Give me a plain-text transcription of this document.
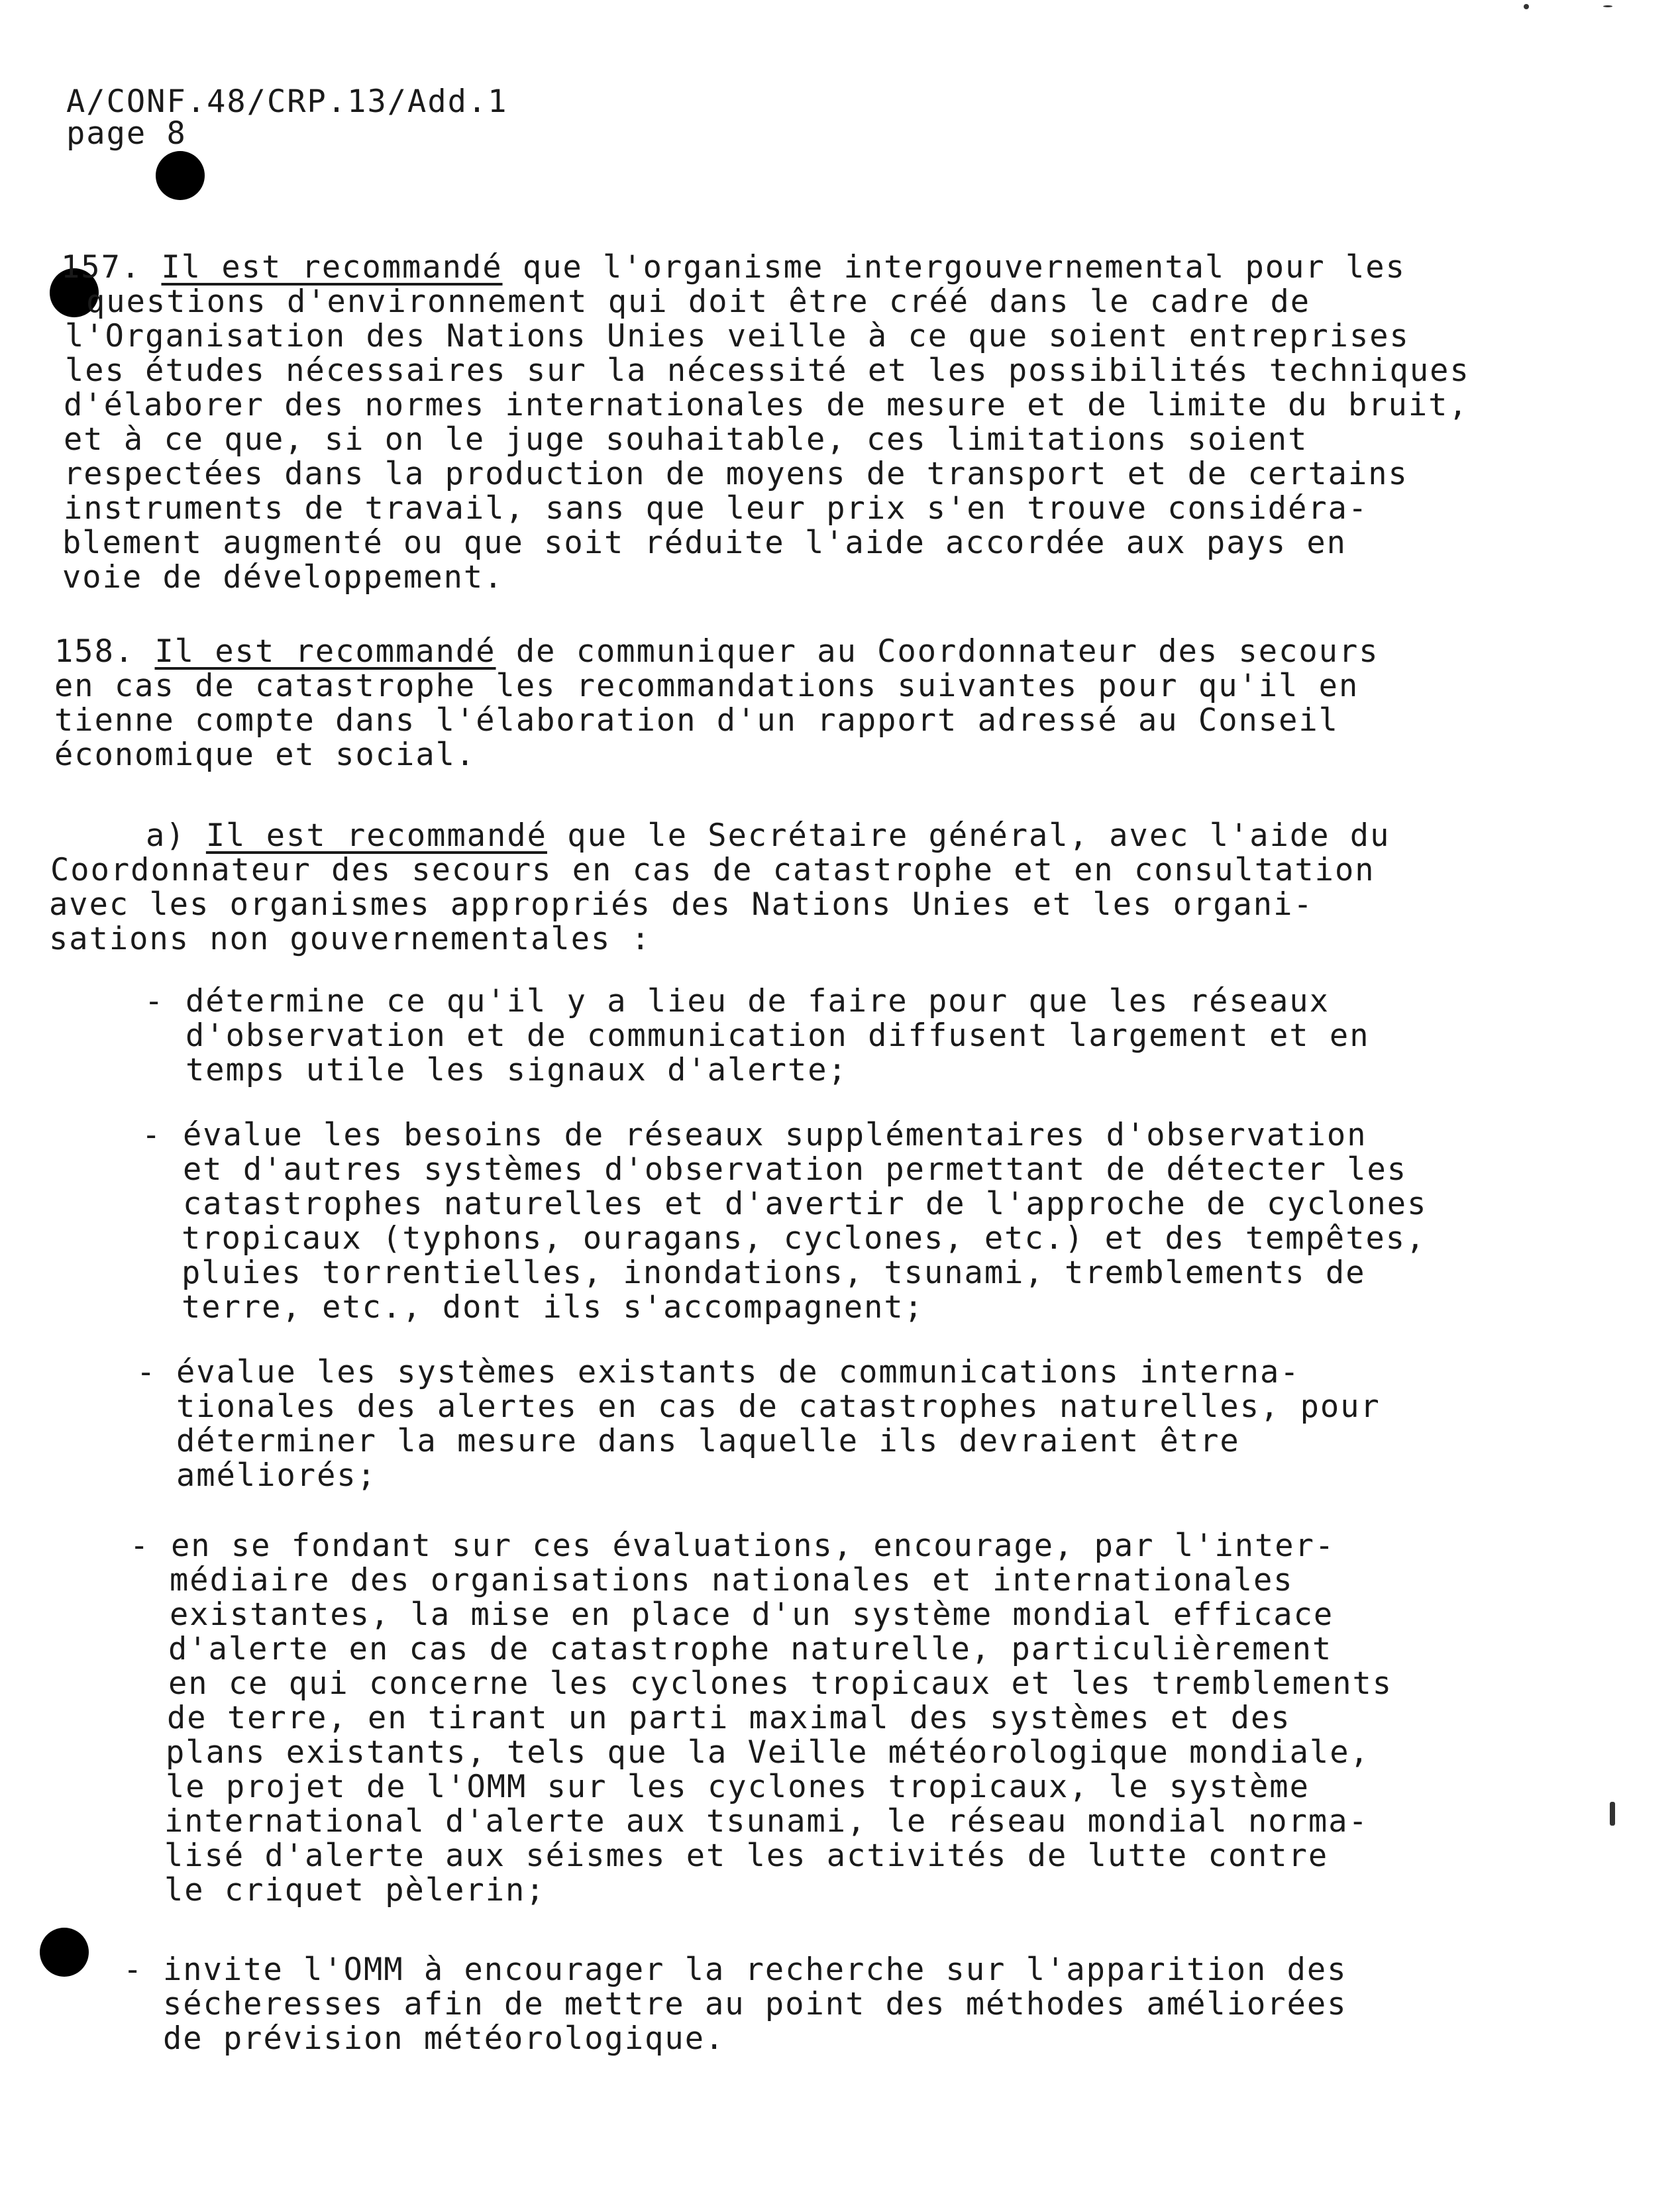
A/CONF.48/CRP.13/Add.1
page 8
157. Il est recommandé que l'organisme intergouvernemental pour les
questions d'environnement qui doit être créé dans le cadre de
l'Organisation des Nations Unies veille à ce que soient entreprises
les études nécessaires sur la nécessité et les possibilités techniques
d'élaborer des normes internationales de mesure et de limite du bruit,
et à ce que, si on le juge souhaitable, ces limitations soient
respectées dans la production de moyens de transport et de certains
instruments de travail, sans que leur prix s'en trouve considéra-
blement augmenté ou que soit réduite l'aide accordée aux pays en
voie de développement.
158. Il est recommandé de communiquer au Coordonnateur des secours
en cas de catastrophe les recommandations suivantes pour qu'il en
tienne compte dans l'élaboration d'un rapport adressé au Conseil
économique et social.
a) Il est recommandé que le Secrétaire général, avec l'aide du
Coordonnateur des secours en cas de catastrophe et en consultation
avec les organismes appropriés des Nations Unies et les organi-
sations non gouvernementales :
- détermine ce qu'il y a lieu de faire pour que les réseaux
d'observation et de communication diffusent largement et en
temps utile les signaux d'alerte;
- évalue les besoins de réseaux supplémentaires d'observation
et d'autres systèmes d'observation permettant de détecter les
catastrophes naturelles et d'avertir de l'approche de cyclones
tropicaux (typhons, ouragans, cyclones, etc.) et des tempêtes,
pluies torrentielles, inondations, tsunami, tremblements de
terre, etc., dont ils s'accompagnent;
- évalue les systèmes existants de communications interna-
tionales des alertes en cas de catastrophes naturelles, pour
déterminer la mesure dans laquelle ils devraient être
améliorés;
- en se fondant sur ces évaluations, encourage, par l'inter-
médiaire des organisations nationales et internationales
existantes, la mise en place d'un système mondial efficace
d'alerte en cas de catastrophe naturelle, particulièrement
en ce qui concerne les cyclones tropicaux et les tremblements
de terre, en tirant un parti maximal des systèmes et des
plans existants, tels que la Veille météorologique mondiale,
le projet de l'OMM sur les cyclones tropicaux, le système
international d'alerte aux tsunami, le réseau mondial norma-
lisé d'alerte aux séismes et les activités de lutte contre
le criquet pèlerin;
- invite l'OMM à encourager la recherche sur l'apparition des
sécheresses afin de mettre au point des méthodes améliorées
de prévision météorologique.
